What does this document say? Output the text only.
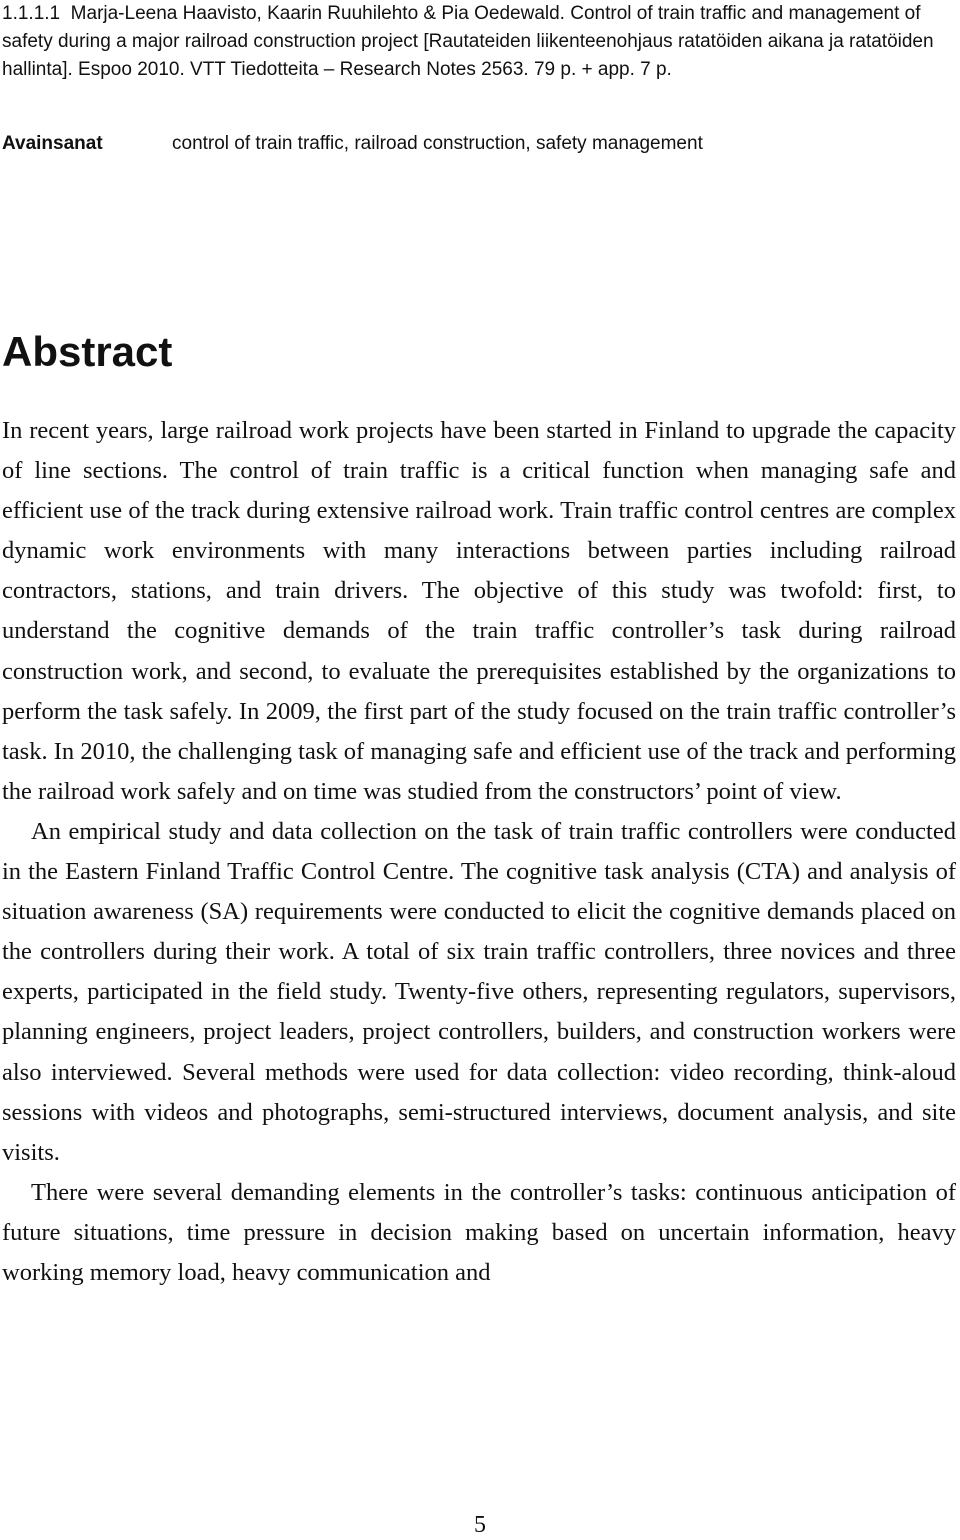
1.1.1.1 Marja-Leena Haavisto, Kaarin Ruuhilehto & Pia Oedewald. Control of train traffic and management of safety during a major railroad construction project [Rautateiden liikenteenohjaus ratatöiden aikana ja ratatöiden hallinta]. Espoo 2010. VTT Tiedotteita – Research Notes 2563. 79 p. + app. 7 p.
Avainsanat	control of train traffic, railroad construction, safety management
Abstract

In recent years, large railroad work projects have been started in Finland to upgrade the capacity of line sections. The control of train traffic is a critical function when managing safe and efficient use of the track during extensive railroad work. Train traffic control centres are complex dynamic work environments with many interactions between parties including railroad contractors, stations, and train drivers. The objective of this study was twofold: first, to understand the cognitive demands of the train traffic controller’s task during railroad construction work, and second, to evaluate the prerequisites established by the organizations to perform the task safely. In 2009, the first part of the study focused on the train traffic controller’s task. In 2010, the challenging task of managing safe and efficient use of the track and performing the railroad work safely and on time was studied from the constructors’ point of view.

An empirical study and data collection on the task of train traffic controllers were conducted in the Eastern Finland Traffic Control Centre. The cognitive task analysis (CTA) and analysis of situation awareness (SA) requirements were conducted to elicit the cognitive demands placed on the controllers during their work. A total of six train traffic controllers, three novices and three experts, participated in the field study. Twenty-five others, representing regulators, supervisors, planning engineers, project leaders, project controllers, builders, and construction workers were also interviewed. Several methods were used for data collection: video recording, think-aloud sessions with videos and photographs, semi-structured interviews, document analysis, and site visits.

There were several demanding elements in the controller’s tasks: continuous anticipation of future situations, time pressure in decision making based on uncertain information, heavy working memory load, heavy communication and

5
